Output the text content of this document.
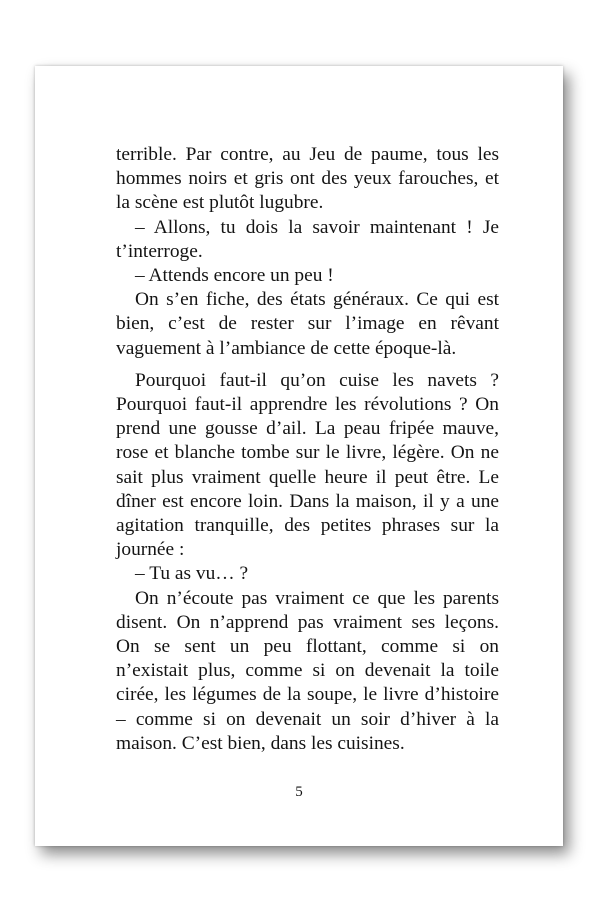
terrible. Par contre, au Jeu de paume, tous les hommes noirs et gris ont des yeux farouches, et la scène est plutôt lugubre.

– Allons, tu dois la savoir maintenant ! Je t’interroge.

– Attends encore un peu !

On s’en fiche, des états généraux. Ce qui est bien, c’est de rester sur l’image en rêvant vaguement à l’ambiance de cette époque-là.

Pourquoi faut-il qu’on cuise les navets ? Pourquoi faut-il apprendre les révolutions ? On prend une gousse d’ail. La peau fripée mauve, rose et blanche tombe sur le livre, légère. On ne sait plus vraiment quelle heure il peut être. Le dîner est encore loin. Dans la maison, il y a une agitation tranquille, des petites phrases sur la journée :

– Tu as vu… ?

On n’écoute pas vraiment ce que les parents disent. On n’apprend pas vraiment ses leçons. On se sent un peu flottant, comme si on n’existait plus, comme si on devenait la toile cirée, les légumes de la soupe, le livre d’histoire – comme si on devenait un soir d’hiver à la maison. C’est bien, dans les cuisines.

5
